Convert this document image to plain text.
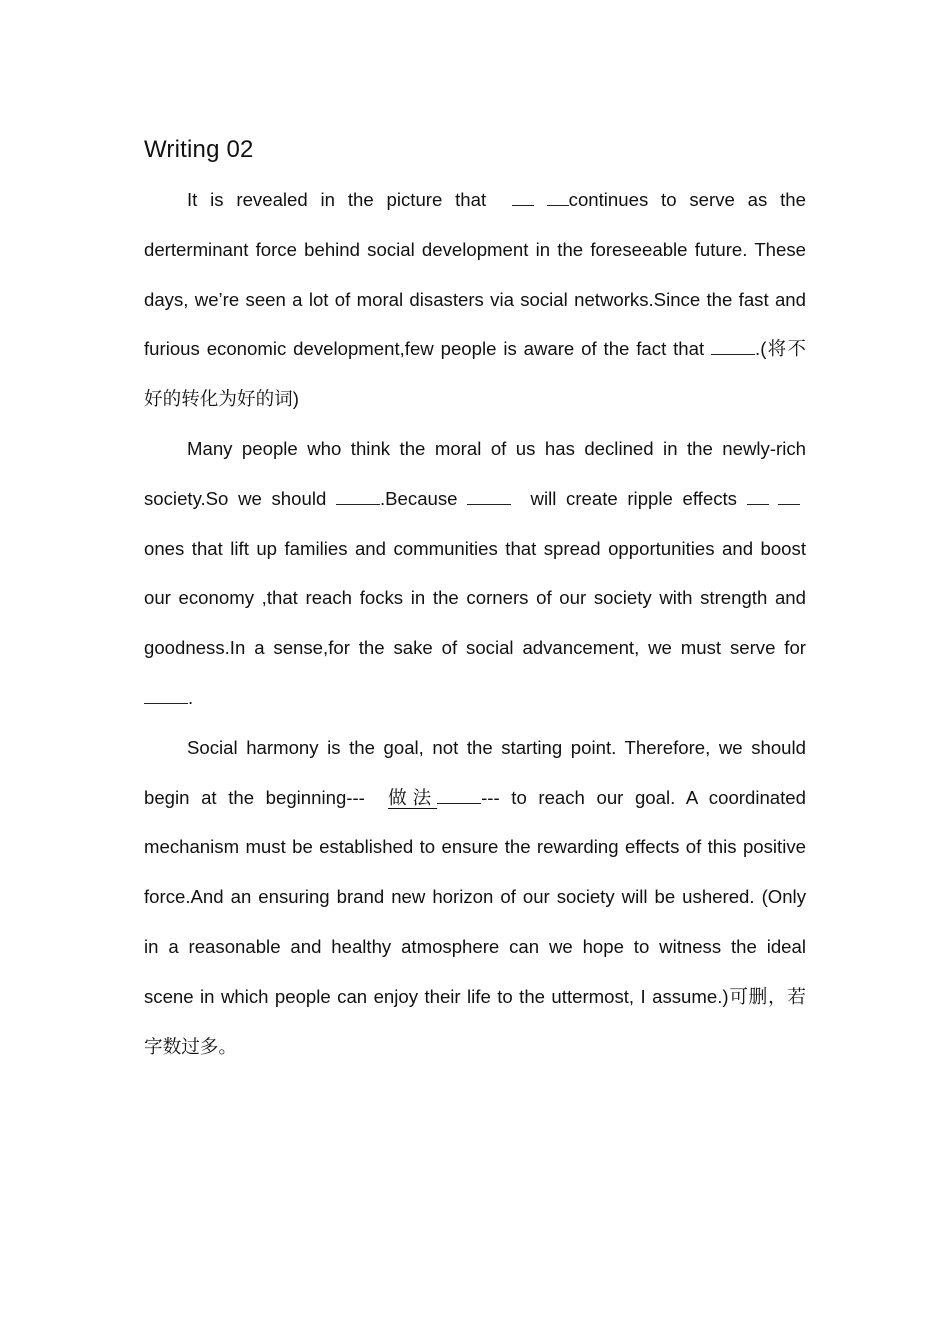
Writing 02

It is revealed in the picture that	continues to serve as the derterminant force behind social development in the foreseeable future. These days, we’re seen a lot of moral disasters via social networks.Since the fast and furious economic development,few people is aware of the fact that	.(将不好的转化为好的词)

Many people who think the moral of us has declined in the newly-rich society.So we should	.Because	will create ripple effects    ones that lift up families and communities that spread opportunities and boost our economy ,that reach focks in the corners of our society with strength and goodness.In a sense,for the sake of social advancement, we must serve for .

Social harmony is the goal, not the starting point. Therefore, we should begin at the beginning--- 做法 --- to reach our goal. A coordinated mechanism must be established to ensure the rewarding effects of this positive force.And an ensuring brand new horizon of our society will be ushered. (Only in a reasonable and healthy atmosphere can we hope to witness the ideal scene in which people can enjoy their life to the uttermost, I assume.)可删，若字数过多。
